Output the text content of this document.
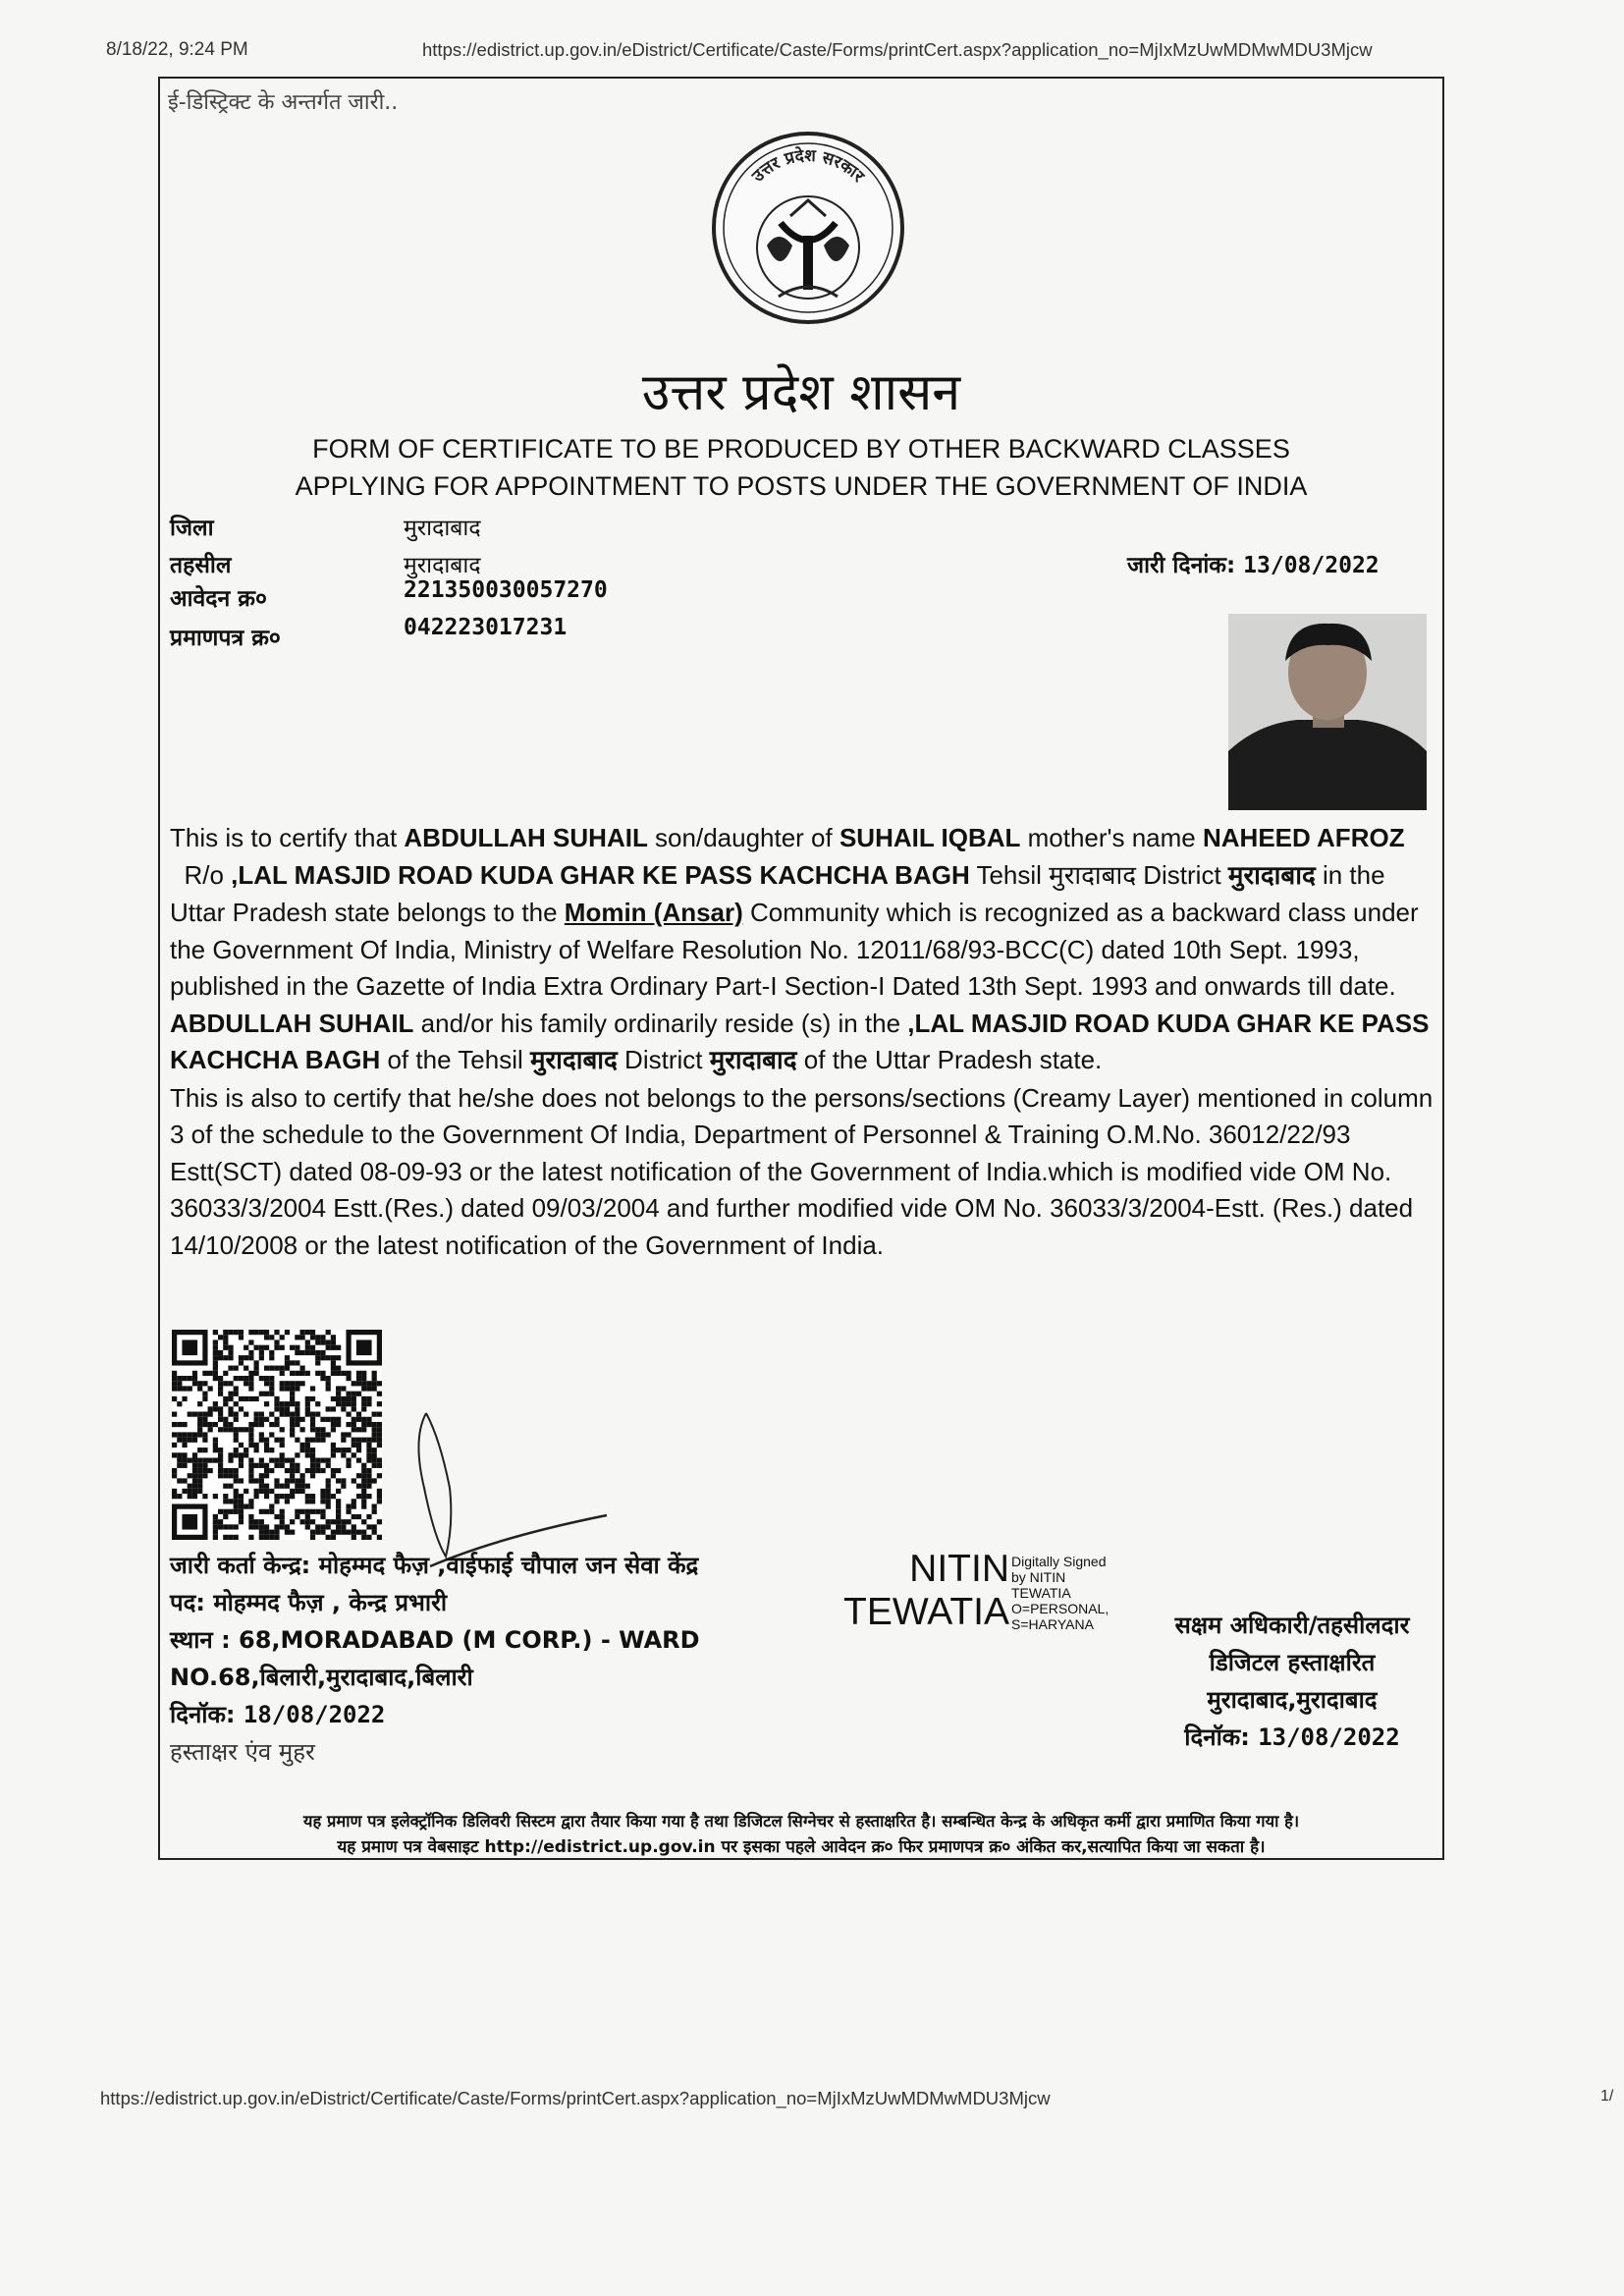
8/18/22, 9:24 PM	https://edistrict.up.gov.in/eDistrict/Certificate/Caste/Forms/printCert.aspx?application_no=MjIxMzUwMDMwMDU3Mjcw
ई-डिस्ट्रिक्ट के अन्तर्गत जारी..
उत्तर प्रदेश सरकार
उत्तर प्रदेश शासन
FORM OF CERTIFICATE TO BE PRODUCED BY OTHER BACKWARD CLASSES
APPLYING FOR APPOINTMENT TO POSTS UNDER THE GOVERNMENT OF INDIA
जिला	मुरादाबाद
तहसील	मुरादाबाद
आवेदन क्र०	221350030057270
प्रमाणपत्र क्र०	042223017231
जारी दिनांक: 13/08/2022

This is to certify that ABDULLAH SUHAIL son/daughter of SUHAIL IQBAL mother's name NAHEED AFROZ  R/o ,LAL MASJID ROAD KUDA GHAR KE PASS KACHCHA BAGH Tehsil मुरादाबाद District मुरादाबाद in the Uttar Pradesh state belongs to the Momin (Ansar) Community which is recognized as a backward class under the Government Of India, Ministry of Welfare Resolution No. 12011/68/93-BCC(C) dated 10th Sept. 1993, published in the Gazette of India Extra Ordinary Part-I Section-I Dated 13th Sept. 1993 and onwards till date.

ABDULLAH SUHAIL and/or his family ordinarily reside (s) in the ,LAL MASJID ROAD KUDA GHAR KE PASS KACHCHA BAGH of the Tehsil मुरादाबाद District मुरादाबाद of the Uttar Pradesh state.

This is also to certify that he/she does not belongs to the persons/sections (Creamy Layer) mentioned in column 3 of the schedule to the Government Of India, Department of Personnel & Training O.M.No. 36012/22/93 Estt(SCT) dated 08-09-93 or the latest notification of the Government of India.which is modified vide OM No. 36033/3/2004 Estt.(Res.) dated 09/03/2004 and further modified vide OM No. 36033/3/2004-Estt. (Res.) dated 14/10/2008 or the latest notification of the Government of India.

जारी कर्ता केन्द्र: मोहम्मद फैज़ ,वाईफाई चौपाल जन सेवा केंद्र
पद: मोहम्मद फैज़ , केन्द्र प्रभारी
स्थान : 68,MORADABAD (M CORP.) - WARD NO.68,बिलारी,मुरादाबाद,बिलारी
दिनॉक: 18/08/2022
हस्ताक्षर एंव मुहर
NITIN
TEWATIA
Digitally Signed by NITIN
TEWATIA
O=PERSONAL,
S=HARYANA	सक्षम अधिकारी/तहसीलदार
डिजिटल हस्ताक्षरित
मुरादाबाद,मुरादाबाद
दिनॉक: 13/08/2022
यह प्रमाण पत्र इलेक्ट्रॉनिक डिलिवरी सिस्टम द्वारा तैयार किया गया है तथा डिजिटल सिग्नेचर से हस्ताक्षरित है। सम्बन्धित केन्द्र के अधिकृत कर्मी द्वारा प्रमाणित किया गया है।
यह प्रमाण पत्र वेबसाइट http://edistrict.up.gov.in पर इसका पहले आवेदन क्र० फिर प्रमाणपत्र क्र० अंकित कर,सत्यापित किया जा सकता है।
https://edistrict.up.gov.in/eDistrict/Certificate/Caste/Forms/printCert.aspx?application_no=MjIxMzUwMDMwMDU3Mjcw	1/
